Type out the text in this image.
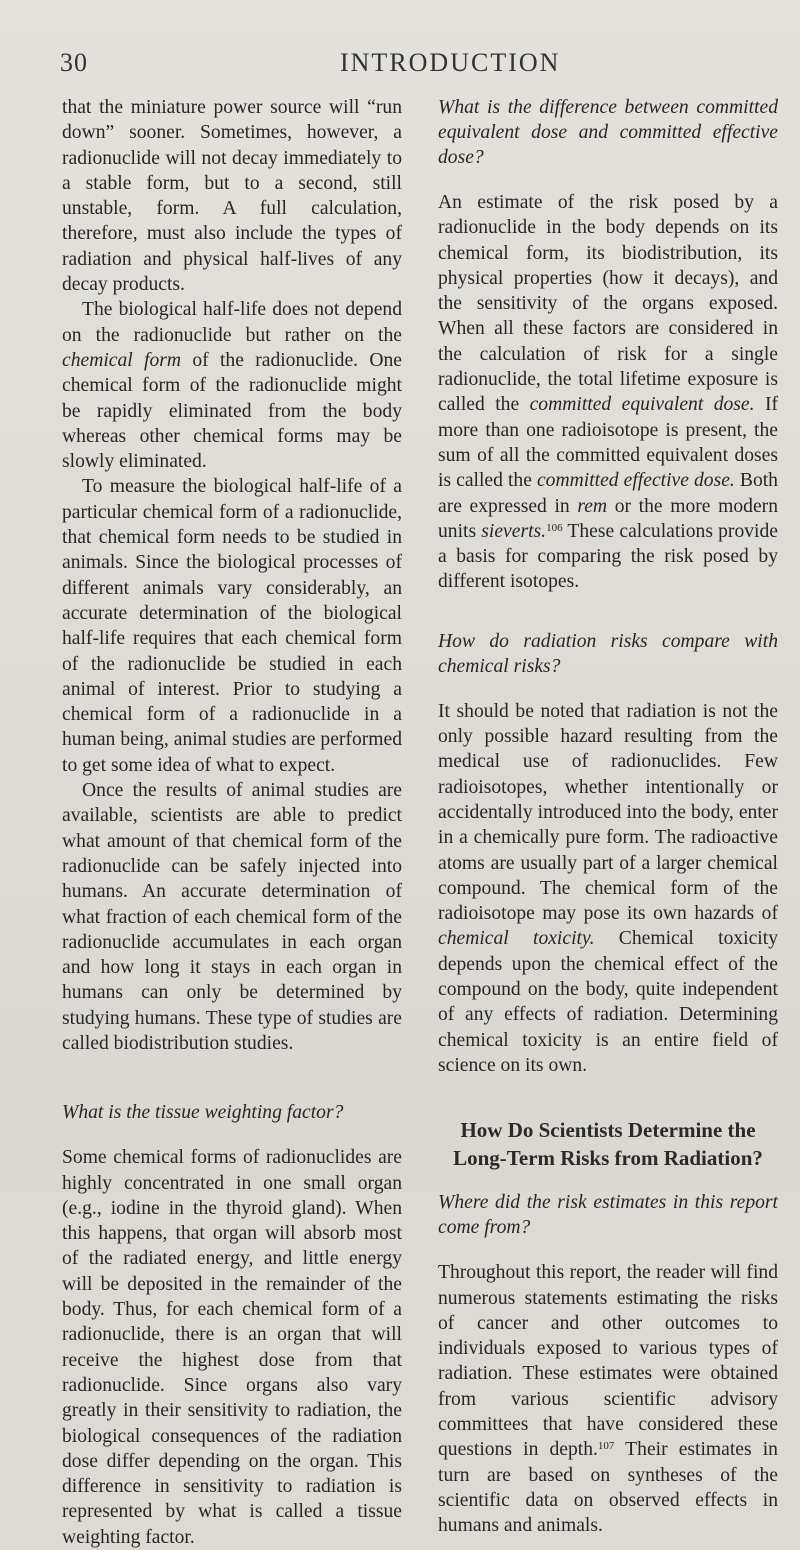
30	INTRODUCTION

that the miniature power source will “run down” sooner. Sometimes, however, a radionuclide will not decay immediately to a stable form, but to a second, still unstable, form. A full calculation, therefore, must also include the types of radiation and physical half-lives of any decay products.

The biological half-life does not depend on the radionuclide but rather on the chemical form of the radionuclide. One chemical form of the radionuclide might be rapidly eliminated from the body whereas other chemical forms may be slowly eliminated.

To measure the biological half-life of a particular chemical form of a radionuclide, that chemical form needs to be studied in animals. Since the biological processes of different animals vary considerably, an accurate determination of the biological half-life requires that each chemical form of the radionuclide be studied in each animal of interest. Prior to studying a chemical form of a radionuclide in a human being, animal studies are performed to get some idea of what to expect.

Once the results of animal studies are available, scientists are able to predict what amount of that chemical form of the radionuclide can be safely injected into humans. An accurate determination of what fraction of each chemical form of the radionuclide accumulates in each organ and how long it stays in each organ in humans can only be determined by studying humans. These type of studies are called biodistribution studies.

What is the tissue weighting factor?

Some chemical forms of radionuclides are highly concentrated in one small organ (e.g., iodine in the thyroid gland). When this happens, that organ will absorb most of the radiated energy, and little energy will be deposited in the remainder of the body. Thus, for each chemical form of a radionuclide, there is an organ that will receive the highest dose from that radionuclide. Since organs also vary greatly in their sensitivity to radiation, the biological consequences of the radiation dose differ depending on the organ. This difference in sensitivity to radiation is represented by what is called a tissue weighting factor.

What is the difference between committed equivalent dose and committed effective dose?

An estimate of the risk posed by a radionuclide in the body depends on its chemical form, its biodistribution, its physical properties (how it decays), and the sensitivity of the organs exposed. When all these factors are considered in the calculation of risk for a single radionuclide, the total lifetime exposure is called the committed equivalent dose. If more than one radioisotope is present, the sum of all the committed equivalent doses is called the committed effective dose. Both are expressed in rem or the more modern units sieverts.$^{106}$ These calculations provide a basis for comparing the risk posed by different isotopes.

How do radiation risks compare with chemical risks?

It should be noted that radiation is not the only possible hazard resulting from the medical use of radionuclides. Few radioisotopes, whether intentionally or accidentally introduced into the body, enter in a chemically pure form. The radioactive atoms are usually part of a larger chemical compound. The chemical form of the radioisotope may pose its own hazards of chemical toxicity. Chemical toxicity depends upon the chemical effect of the compound on the body, quite independent of any effects of radiation. Determining chemical toxicity is an entire field of science on its own.

How Do Scientists Determine the Long-Term Risks from Radiation?

Where did the risk estimates in this report come from?

Throughout this report, the reader will find numerous statements estimating the risks of cancer and other outcomes to individuals exposed to various types of radiation. These estimates were obtained from various scientific advisory committees that have considered these questions in depth.$^{107}$ Their estimates in turn are based on syntheses of the scientific data on observed effects in humans and animals.
